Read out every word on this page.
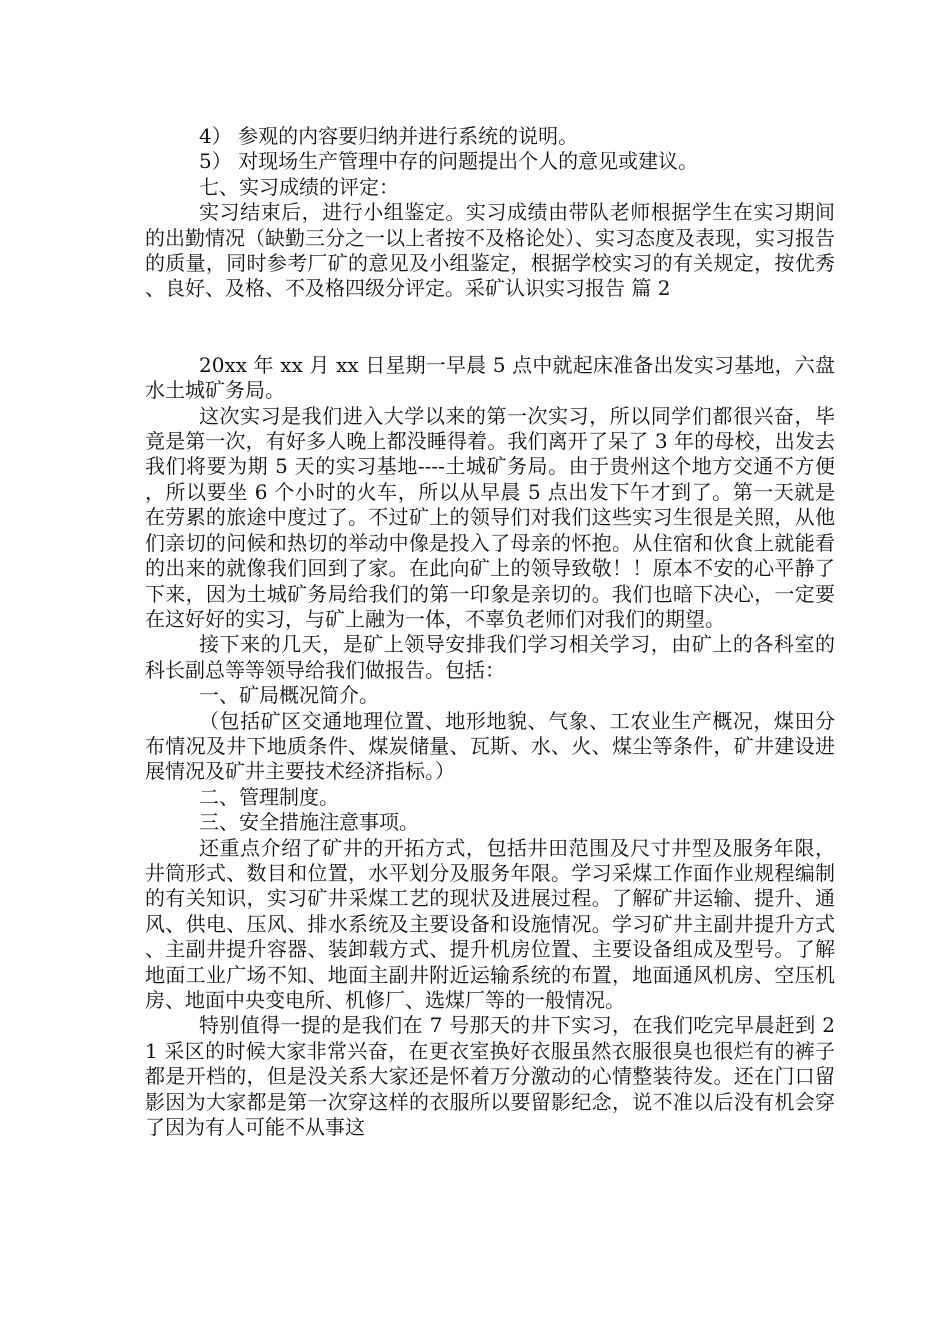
4） 参观的内容要归纳并进行系统的说明。

5） 对现场生产管理中存的问题提出个人的意见或建议。

七、实习成绩的评定：

实习结束后，进行小组鉴定。实习成绩由带队老师根据学生在实习期间的出勤情况（缺勤三分之一以上者按不及格论处）、实习态度及表现，实习报告的质量，同时参考厂矿的意见及小组鉴定，根据学校实习的有关规定，按优秀、良好、及格、不及格四级分评定。采矿认识实习报告 篇 2

20xx 年 xx 月 xx 日星期一早晨 5 点中就起床准备出发实习基地，六盘水土城矿务局。

这次实习是我们进入大学以来的第一次实习，所以同学们都很兴奋，毕竟是第一次，有好多人晚上都没睡得着。我们离开了呆了 3 年的母校，出发去我们将要为期 5 天的实习基地----土城矿务局。由于贵州这个地方交通不方便，所以要坐 6 个小时的火车，所以从早晨 5 点出发下午才到了。第一天就是在劳累的旅途中度过了。不过矿上的领导们对我们这些实习生很是关照，从他们亲切的问候和热切的举动中像是投入了母亲的怀抱。从住宿和伙食上就能看的出来的就像我们回到了家。在此向矿上的领导致敬！！原本不安的心平静了下来，因为土城矿务局给我们的第一印象是亲切的。我们也暗下决心，一定要在这好好的实习，与矿上融为一体，不辜负老师们对我们的期望。

接下来的几天，是矿上领导安排我们学习相关学习，由矿上的各科室的科长副总等等领导给我们做报告。包括：

一、矿局概况简介。

（包括矿区交通地理位置、地形地貌、气象、工农业生产概况，煤田分布情况及井下地质条件、煤炭储量、瓦斯、水、火、煤尘等条件，矿井建设进展情况及矿井主要技术经济指标。）

二、管理制度。

三、安全措施注意事项。

还重点介绍了矿井的开拓方式，包括井田范围及尺寸井型及服务年限，井筒形式、数目和位置，水平划分及服务年限。学习采煤工作面作业规程编制的有关知识，实习矿井采煤工艺的现状及进展过程。了解矿井运输、提升、通风、供电、压风、排水系统及主要设备和设施情况。学习矿井主副井提升方式、主副井提升容器、装卸载方式、提升机房位置、主要设备组成及型号。了解地面工业广场不知、地面主副井附近运输系统的布置，地面通风机房、空压机房、地面中央变电所、机修厂、选煤厂等的一般情况。

特别值得一提的是我们在 7 号那天的井下实习，在我们吃完早晨赶到 21 采区的时候大家非常兴奋，在更衣室换好衣服虽然衣服很臭也很烂有的裤子都是开档的，但是没关系大家还是怀着万分激动的心情整装待发。还在门口留影因为大家都是第一次穿这样的衣服所以要留影纪念，说不准以后没有机会穿了因为有人可能不从事这
